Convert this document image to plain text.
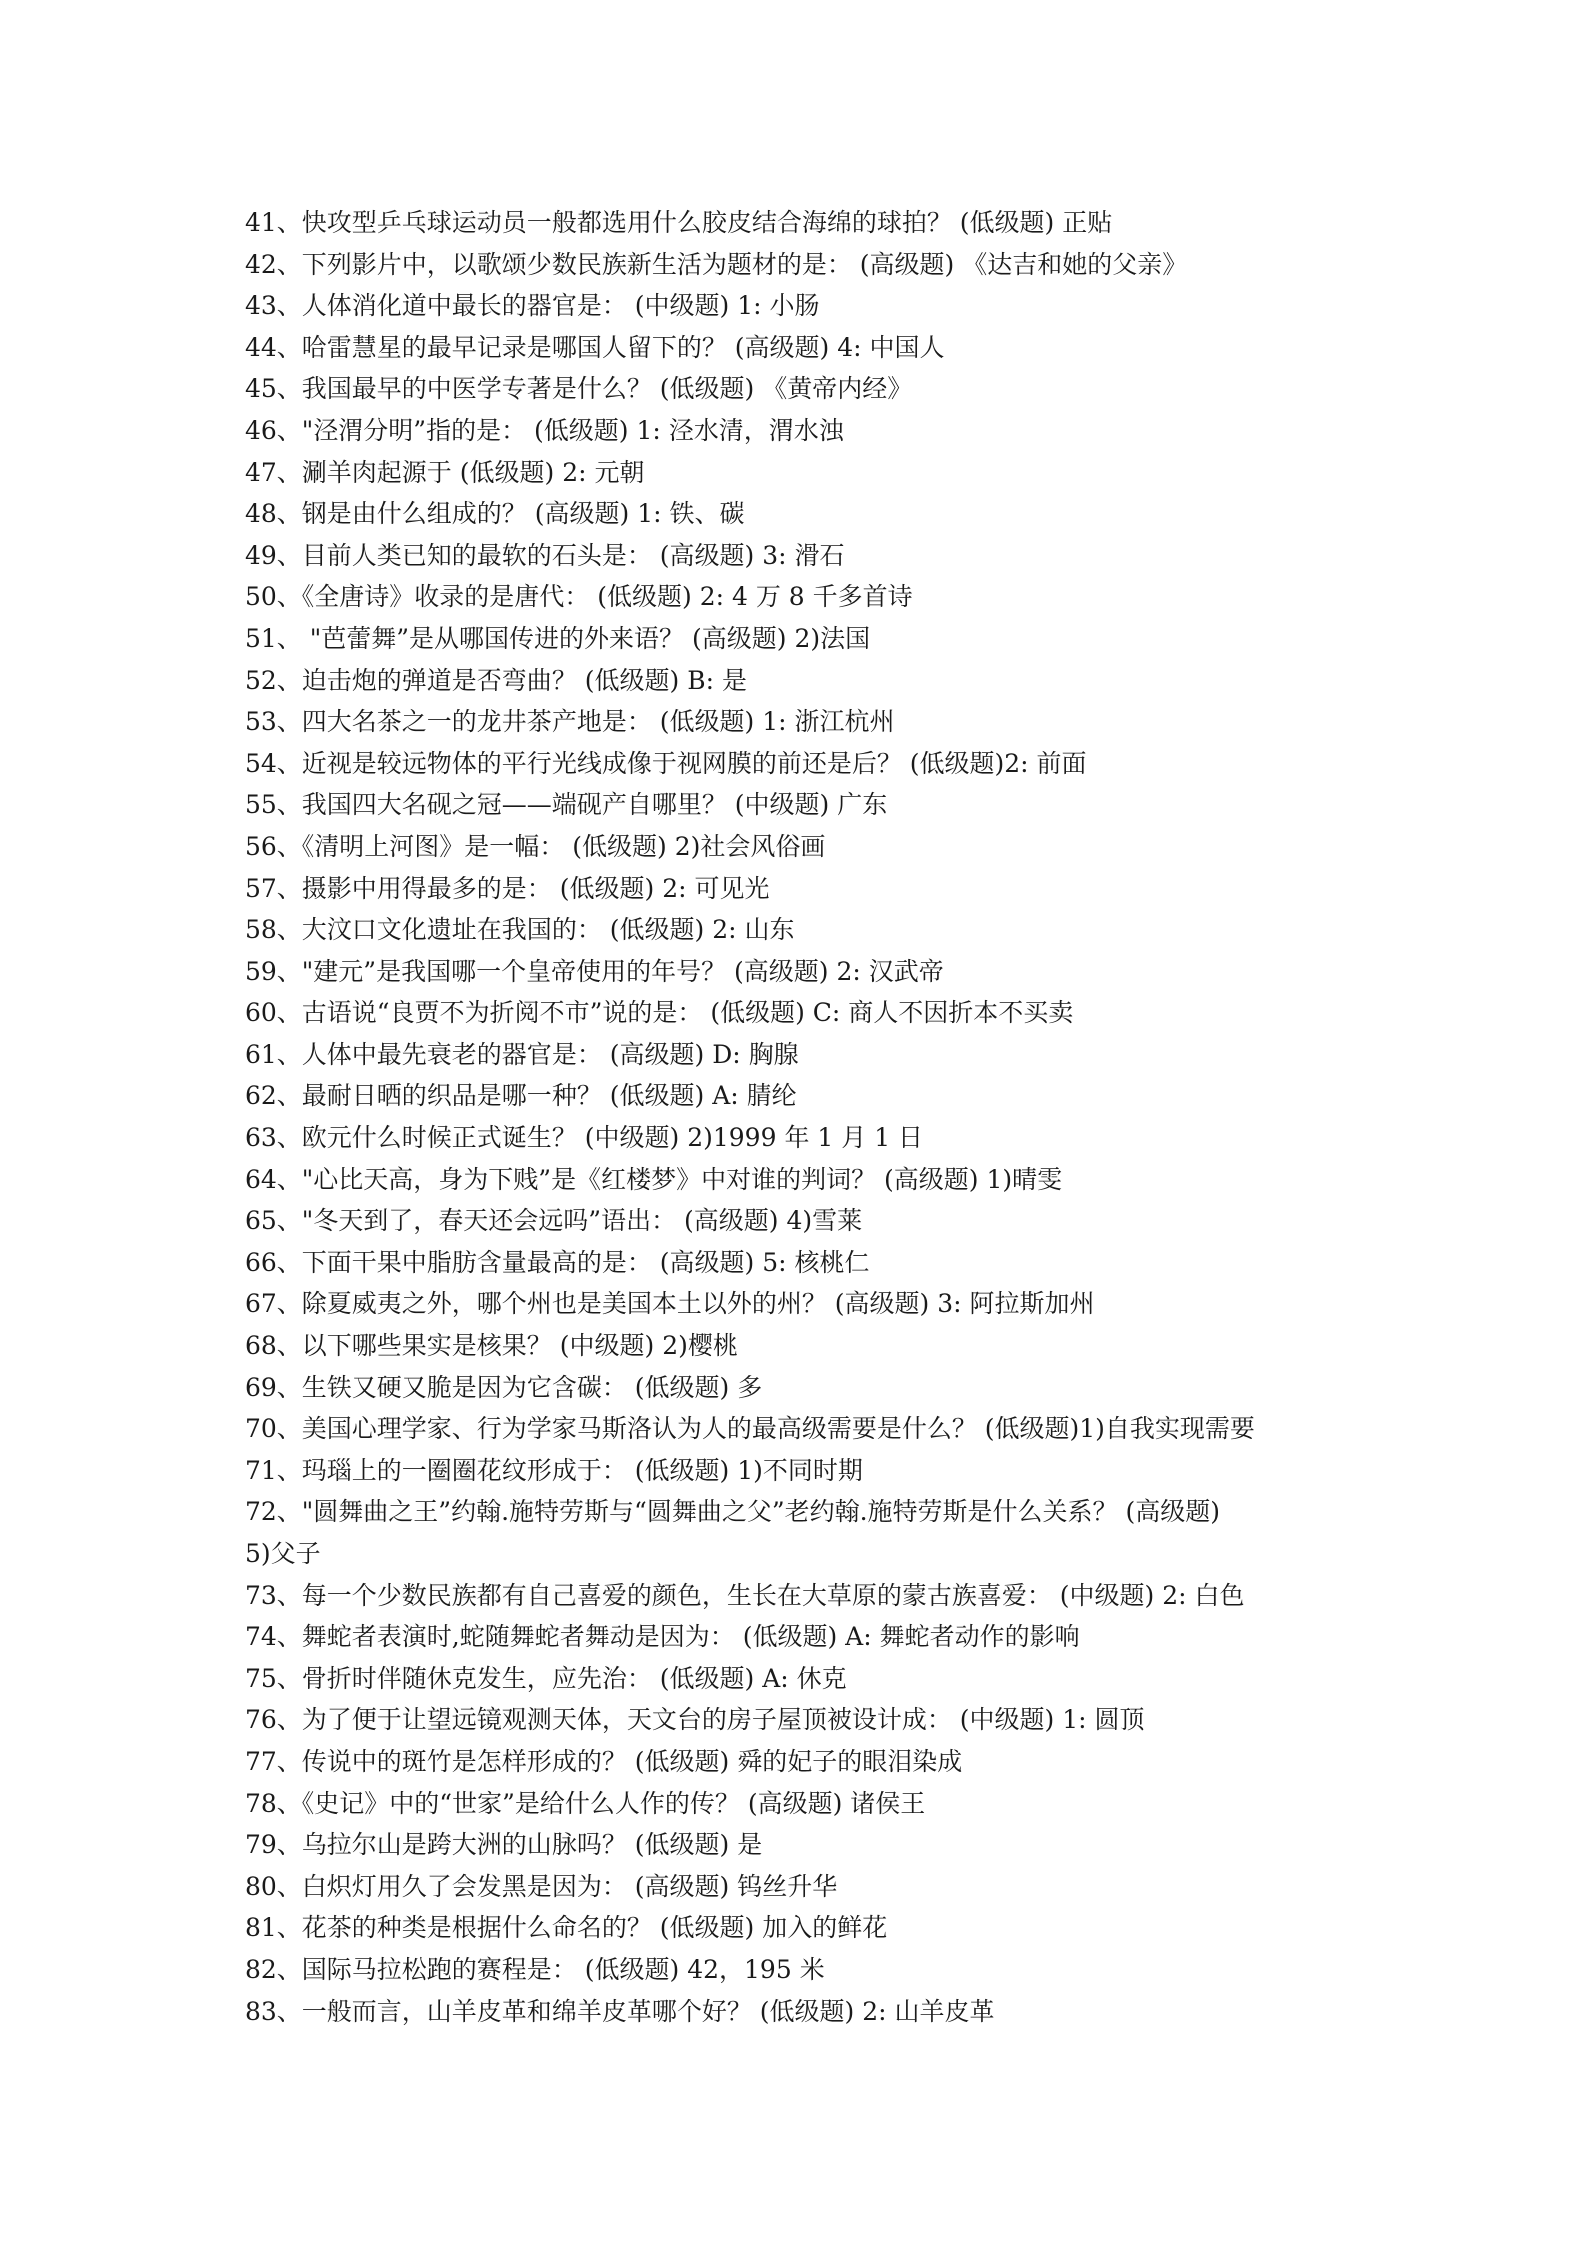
41、快攻型乒乓球运动员一般都选用什么胶皮结合海绵的球拍？ (低级题) 正贴
42、下列影片中，以歌颂少数民族新生活为题材的是： (高级题) 《达吉和她的父亲》
43、人体消化道中最长的器官是： (中级题) 1: 小肠
44、哈雷慧星的最早记录是哪国人留下的？ (高级题) 4: 中国人
45、我国最早的中医学专著是什么？ (低级题) 《黄帝内经》
46、"泾渭分明”指的是： (低级题) 1: 泾水清，渭水浊
47、涮羊肉起源于 (低级题) 2: 元朝
48、钢是由什么组成的？ (高级题) 1: 铁、碳
49、目前人类已知的最软的石头是： (高级题) 3: 滑石
50、《全唐诗》收录的是唐代： (低级题) 2: 4 万 8 千多首诗
51、 "芭蕾舞”是从哪国传进的外来语？ (高级题) 2)法国
52、迫击炮的弹道是否弯曲？ (低级题) B: 是
53、四大名茶之一的龙井茶产地是： (低级题) 1: 浙江杭州
54、近视是较远物体的平行光线成像于视网膜的前还是后？ (低级题)2: 前面
55、我国四大名砚之冠——端砚产自哪里？ (中级题) 广东
56、《清明上河图》是一幅： (低级题) 2)社会风俗画
57、摄影中用得最多的是： (低级题) 2: 可见光
58、大汶口文化遗址在我国的： (低级题) 2: 山东
59、"建元”是我国哪一个皇帝使用的年号？ (高级题) 2: 汉武帝
60、古语说“良贾不为折阅不市”说的是： (低级题) C: 商人不因折本不买卖
61、人体中最先衰老的器官是： (高级题) D: 胸腺
62、最耐日晒的织品是哪一种？ (低级题) A: 腈纶
63、欧元什么时候正式诞生？ (中级题) 2)1999 年 1 月 1 日
64、"心比天高，身为下贱”是《红楼梦》中对谁的判词？ (高级题) 1)晴雯
65、"冬天到了，春天还会远吗”语出： (高级题) 4)雪莱
66、下面干果中脂肪含量最高的是： (高级题) 5: 核桃仁
67、除夏威夷之外，哪个州也是美国本土以外的州？ (高级题) 3: 阿拉斯加州
68、以下哪些果实是核果？ (中级题) 2)樱桃
69、生铁又硬又脆是因为它含碳： (低级题) 多
70、美国心理学家、行为学家马斯洛认为人的最高级需要是什么？ (低级题)1)自我实现需要
71、玛瑙上的一圈圈花纹形成于： (低级题) 1)不同时期
72、"圆舞曲之王”约翰.施特劳斯与“圆舞曲之父”老约翰.施特劳斯是什么关系？ (高级题)
5)父子
73、每一个少数民族都有自己喜爱的颜色，生长在大草原的蒙古族喜爱： (中级题) 2: 白色
74、舞蛇者表演时,蛇随舞蛇者舞动是因为： (低级题) A: 舞蛇者动作的影响
75、骨折时伴随休克发生，应先治： (低级题) A: 休克
76、为了便于让望远镜观测天体，天文台的房子屋顶被设计成： (中级题) 1: 圆顶
77、传说中的斑竹是怎样形成的？ (低级题) 舜的妃子的眼泪染成
78、《史记》中的“世家”是给什么人作的传？ (高级题) 诸侯王
79、乌拉尔山是跨大洲的山脉吗？ (低级题) 是
80、白炽灯用久了会发黑是因为： (高级题) 钨丝升华
81、花茶的种类是根据什么命名的？ (低级题) 加入的鲜花
82、国际马拉松跑的赛程是： (低级题) 42，195 米
83、一般而言，山羊皮革和绵羊皮革哪个好？ (低级题) 2: 山羊皮革
